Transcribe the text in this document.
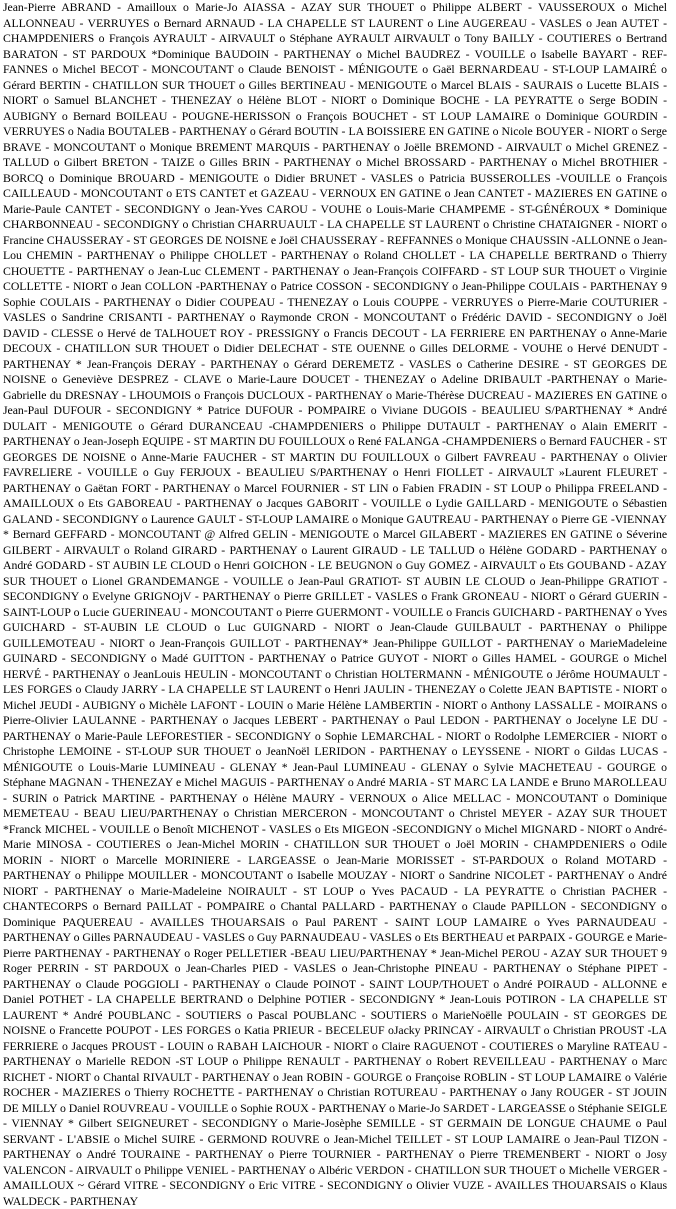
Jean-Pierre ABRAND - Amailloux o Marie-Jo AIASSA - AZAY SUR THOUET o Philippe ALBERT - VAUSSEROUX o Michel ALLONNEAU - VERRUYES o Bernard ARNAUD - LA CHAPELLE ST LAURENT o Line AUGEREAU - VASLES o Jean AUTET - CHAMPDENIERS o François AYRAULT - AIRVAULT o Stéphane AYRAULT AIRVAULT o Tony BAILLY - COUTIERES o Bertrand BARATON - ST PARDOUX *Dominique BAUDOIN - PARTHENAY o Michel BAUDREZ - VOUILLE o Isabelle BAYART - REF-FANNES o Michel BECOT - MONCOUTANT o Claude BENOIST - MÉNIGOUTE o Gaël BERNARDEAU - ST-LOUP LAMAIRÉ o Gérard BERTIN - CHATILLON SUR THOUET o Gilles BERTINEAU - MENIGOUTE o Marcel BLAIS - SAURAIS o Lucette BLAIS - NIORT o Samuel BLANCHET - THENEZAY o Hélène BLOT - NIORT o Dominique BOCHE - LA PEYRATTE o Serge BODIN - AUBIGNY o Bernard BOILEAU - POUGNE-HERISSON o François BOUCHET - ST LOUP LAMAIRE o Dominique GOURDIN - VERRUYES o Nadia BOUTALEB - PARTHENAY o Gérard BOUTIN - LA BOISSIERE EN GATINE o Nicole BOUYER - NIORT o Serge BRAVE - MONCOUTANT o Monique BREMENT MARQUIS - PARTHENAY o Joëlle BREMOND - AIRVAULT o Michel GRENEZ - TALLUD o Gilbert BRETON - TAIZE o Gilles BRIN - PARTHENAY o Michel BROSSARD - PARTHENAY o Michel BROTHIER - BORCQ o Dominique BROUARD - MENIGOUTE o Didier BRUNET - VASLES o Patricia BUSSEROLLES -VOUILLE o François CAILLEAUD - MONCOUTANT o ETS CANTET et GAZEAU - VERNOUX EN GATINE o Jean CANTET - MAZIERES EN GATINE o Marie-Paule CANTET - SECONDIGNY o Jean-Yves CAROU - VOUHE o Louis-Marie CHAMPEME - ST-GÉNÉROUX * Dominique CHARBONNEAU - SECONDIGNY o Christian CHARRUAULT - LA CHAPELLE ST LAURENT o Christine CHATAIGNER - NIORT o Francine CHAUSSERAY - ST GEORGES DE NOISNE e Joël CHAUSSERAY - REFFANNES o Monique CHAUSSIN -ALLONNE o Jean-Lou CHEMIN - PARTHENAY o Philippe CHOLLET - PARTHENAY o Roland CHOLLET - LA CHAPELLE BERTRAND o Thierry CHOUETTE - PARTHENAY o Jean-Luc CLEMENT - PARTHENAY o Jean-François COIFFARD - ST LOUP SUR THOUET o Virginie COLLETTE - NIORT o Jean COLLON -PARTHENAY o Patrice COSSON - SECONDIGNY o Jean-Philippe COULAIS - PARTHENAY 9 Sophie COULAIS - PARTHENAY o Didier COUPEAU - THENEZAY o Louis COUPPE - VERRUYES o Pierre-Marie COUTURIER - VASLES o Sandrine CRISANTI - PARTHENAY o Raymonde CRON - MONCOUTANT o Frédéric DAVID - SECONDIGNY o Joël DAVID - CLESSE o Hervé de TALHOUET ROY - PRESSIGNY o Francis DECOUT - LA FERRIERE EN PARTHENAY o Anne-Marie DECOUX - CHATILLON SUR THOUET o Didier DELECHAT - STE OUENNE o Gilles DELORME - VOUHE o Hervé DENUDT - PARTHENAY * Jean-François DERAY - PARTHENAY o Gérard DEREMETZ - VASLES o Catherine DESIRE - ST GEORGES DE NOISNE o Geneviève DESPREZ - CLAVE o Marie-Laure DOUCET - THENEZAY o Adeline DRIBAULT -PARTHENAY o Marie-Gabrielle du DRESNAY - LHOUMOIS o François DUCLOUX - PARTHENAY o Marie-Thérèse DUCREAU - MAZIERES EN GATINE o Jean-Paul DUFOUR - SECONDIGNY * Patrice DUFOUR - POMPAIRE o Viviane DUGOIS - BEAULIEU S/PARTHENAY * André DULAIT - MENIGOUTE o Gérard DURANCEAU -CHAMPDENIERS o Philippe DUTAULT - PARTHENAY o Alain EMERIT - PARTHENAY o Jean-Joseph EQUIPE - ST MARTIN DU FOUILLOUX o René FALANGA -CHAMPDENIERS o Bernard FAUCHER - ST GEORGES DE NOISNE o Anne-Marie FAUCHER - ST MARTIN DU FOUILLOUX o Gilbert FAVREAU - PARTHENAY o Olivier FAVRELIERE - VOUILLE o Guy FERJOUX - BEAULIEU S/PARTHENAY o Henri FIOLLET - AIRVAULT »Laurent FLEURET - PARTHENAY o Gaëtan FORT - PARTHENAY o Marcel FOURNIER - ST LIN o Fabien FRADIN - ST LOUP o Philippa FREELAND - AMAILLOUX o Ets GABOREAU - PARTHENAY o Jacques GABORIT - VOUILLE o Lydie GAILLARD - MENIGOUTE o Sébastien GALAND - SECONDIGNY o Laurence GAULT - ST-LOUP LAMAIRE o Monique GAUTREAU - PARTHENAY o Pierre GE -VIENNAY * Bernard GEFFARD - MONCOUTANT @ Alfred GELIN - MENIGOUTE o Marcel GILABERT - MAZIERES EN GATINE o Séverine GILBERT - AIRVAULT o Roland GIRARD - PARTHENAY o Laurent GIRAUD - LE TALLUD o Hélène GODARD - PARTHENAY o André GODARD - ST AUBIN LE CLOUD o Henri GOICHON - LE BEUGNON o Guy GOMEZ - AIRVAULT o Ets GOUBAND - AZAY SUR THOUET o Lionel GRANDEMANGE - VOUILLE o Jean-Paul GRATIOT- ST AUBIN LE CLOUD o Jean-Philippe GRATIOT - SECONDIGNY o Evelyne GRIGNOjV - PARTHENAY o Pierre GRILLET - VASLES o Frank GRONEAU - NIORT o Gérard GUERIN - SAINT-LOUP o Lucie GUERINEAU - MONCOUTANT o Pierre GUERMONT - VOUILLE o Francis GUICHARD - PARTHENAY o Yves GUICHARD - ST-AUBIN LE CLOUD o Luc GUIGNARD - NIORT o Jean-Claude GUILBAULT - PARTHENAY o Philippe GUILLEMOTEAU - NIORT o Jean-François GUILLOT - PARTHENAY* Jean-Philippe GUILLOT - PARTHENAY o MarieMadeleine GUINARD - SECONDIGNY o Madé GUITTON - PARTHENAY o Patrice GUYOT - NIORT o Gilles HAMEL - GOURGE o Michel HERVÉ - PARTHENAY o JeanLouis HEULIN - MONCOUTANT o Christian HOLTERMANN - MÉNIGOUTE o Jérôme HOUMAULT - LES FORGES o Claudy JARRY - LA CHAPELLE ST LAURENT o Henri JAULIN - THENEZAY o Colette JEAN BAPTISTE - NIORT o Michel JEUDI - AUBIGNY o Michèle LAFONT - LOUIN o Marie Hélène LAMBERTIN - NIORT o Anthony LASSALLE - MOIRANS o Pierre-Olivier LAULANNE - PARTHENAY o Jacques LEBERT - PARTHENAY o Paul LEDON - PARTHENAY o Jocelyne LE DU - PARTHENAY o Marie-Paule LEFORESTIER - SECONDIGNY o Sophie LEMARCHAL - NIORT o Rodolphe LEMERCIER - NIORT o Christophe LEMOINE - ST-LOUP SUR THOUET o JeanNoël LERIDON - PARTHENAY o LEYSSENE - NIORT o Gildas LUCAS - MÉNIGOUTE o Louis-Marie LUMINEAU - GLENAY * Jean-Paul LUMINEAU - GLENAY o Sylvie MACHETEAU - GOURGE o Stéphane MAGNAN - THENEZAY e Michel MAGUIS - PARTHENAY o André MARIA - ST MARC LA LANDE e Bruno MAROLLEAU - SURIN o Patrick MARTINE - PARTHENAY o Hélène MAURY - VERNOUX o Alice MELLAC - MONCOUTANT o Dominique MEMETEAU - BEAU LIEU/PARTHENAY o Christian MERCERON - MONCOUTANT o Christel MEYER - AZAY SUR THOUET *Franck MICHEL - VOUILLE o Benoît MICHENOT - VASLES o Ets MIGEON -SECONDIGNY o Michel MIGNARD - NIORT o André-Marie MINOSA - COUTIERES o Jean-Michel MORIN - CHATILLON SUR THOUET o Joël MORIN - CHAMPDENIERS o Odile MORIN - NIORT o Marcelle MORINIERE - LARGEASSE o Jean-Marie MORISSET - ST-PARDOUX o Roland MOTARD - PARTHENAY o Philippe MOUILLER - MONCOUTANT o Isabelle MOUZAY - NIORT o Sandrine NICOLET - PARTHENAY o André NIORT - PARTHENAY o Marie-Madeleine NOIRAULT - ST LOUP o Yves PACAUD - LA PEYRATTE o Christian PACHER - CHANTECORPS o Bernard PAILLAT - POMPAIRE o Chantal PALLARD - PARTHENAY o Claude PAPILLON - SECONDIGNY o Dominique PAQUEREAU - AVAILLES THOUARSAIS o Paul PARENT - SAINT LOUP LAMAIRE o Yves PARNAUDEAU - PARTHENAY o Gilles PARNAUDEAU - VASLES o Guy PARNAUDEAU - VASLES o Ets BERTHEAU et PARPAIX - GOURGE e Marie-Pierre PARTHENAY - PARTHENAY o Roger PELLETIER -BEAU LIEU/PARTHENAY * Jean-Michel PEROU - AZAY SUR THOUET 9 Roger PERRIN - ST PARDOUX o Jean-Charles PIED - VASLES o Jean-Christophe PINEAU - PARTHENAY o Stéphane PIPET - PARTHENAY o Claude POGGIOLI - PARTHENAY o Claude POINOT - SAINT LOUP/THOUET o André POIRAUD - ALLONNE e Daniel POTHET - LA CHAPELLE BERTRAND o Delphine POTIER - SECONDIGNY * Jean-Louis POTIRON - LA CHAPELLE ST LAURENT * André POUBLANC - SOUTIERS o Pascal POUBLANC - SOUTIERS o MarieNoëlle POULAIN - ST GEORGES DE NOISNE o Francette POUPOT - LES FORGES o Katia PRIEUR - BECELEUF oJacky PRINCAY - AIRVAULT o Christian PROUST -LA FERRIERE o Jacques PROUST - LOUIN o RABAH LAICHOUR - NIORT o Claire RAGUENOT - COUTIERES o Maryline RATEAU - PARTHENAY o Marielle REDON -ST LOUP o Philippe RENAULT - PARTHENAY o Robert REVEILLEAU - PARTHENAY o Marc RICHET - NIORT o Chantal RIVAULT - PARTHENAY o Jean ROBIN - GOURGE o Françoise ROBLIN - ST LOUP LAMAIRE o Valérie ROCHER - MAZIERES o Thierry ROCHETTE - PARTHENAY o Christian ROTUREAU - PARTHENAY o Jany ROUGER - ST JOUIN DE MILLY o Daniel ROUVREAU - VOUILLE o Sophie ROUX - PARTHENAY o Marie-Jo SARDET - LARGEASSE o Stéphanie SEIGLE - VIENNAY * Gilbert SEIGNEURET - SECONDIGNY o Marie-Josèphe SEMILLE - ST GERMAIN DE LONGUE CHAUME o Paul SERVANT - L'ABSIE o Michel SUIRE - GERMOND ROUVRE o Jean-Michel TEILLET - ST LOUP LAMAIRE o Jean-Paul TIZON - PARTHENAY o André TOURAINE - PARTHENAY o Pierre TOURNIER - PARTHENAY o Pierre TREMENBERT - NIORT o Josy VALENCON - AIRVAULT o Philippe VENIEL - PARTHENAY o Albéric VERDON - CHATILLON SUR THOUET o Michelle VERGER - AMAILLOUX ~ Gérard VITRE - SECONDIGNY o Eric VITRE - SECONDIGNY o Olivier VUZE - AVAILLES THOUARSAIS o Klaus WALDECK - PARTHENAY
